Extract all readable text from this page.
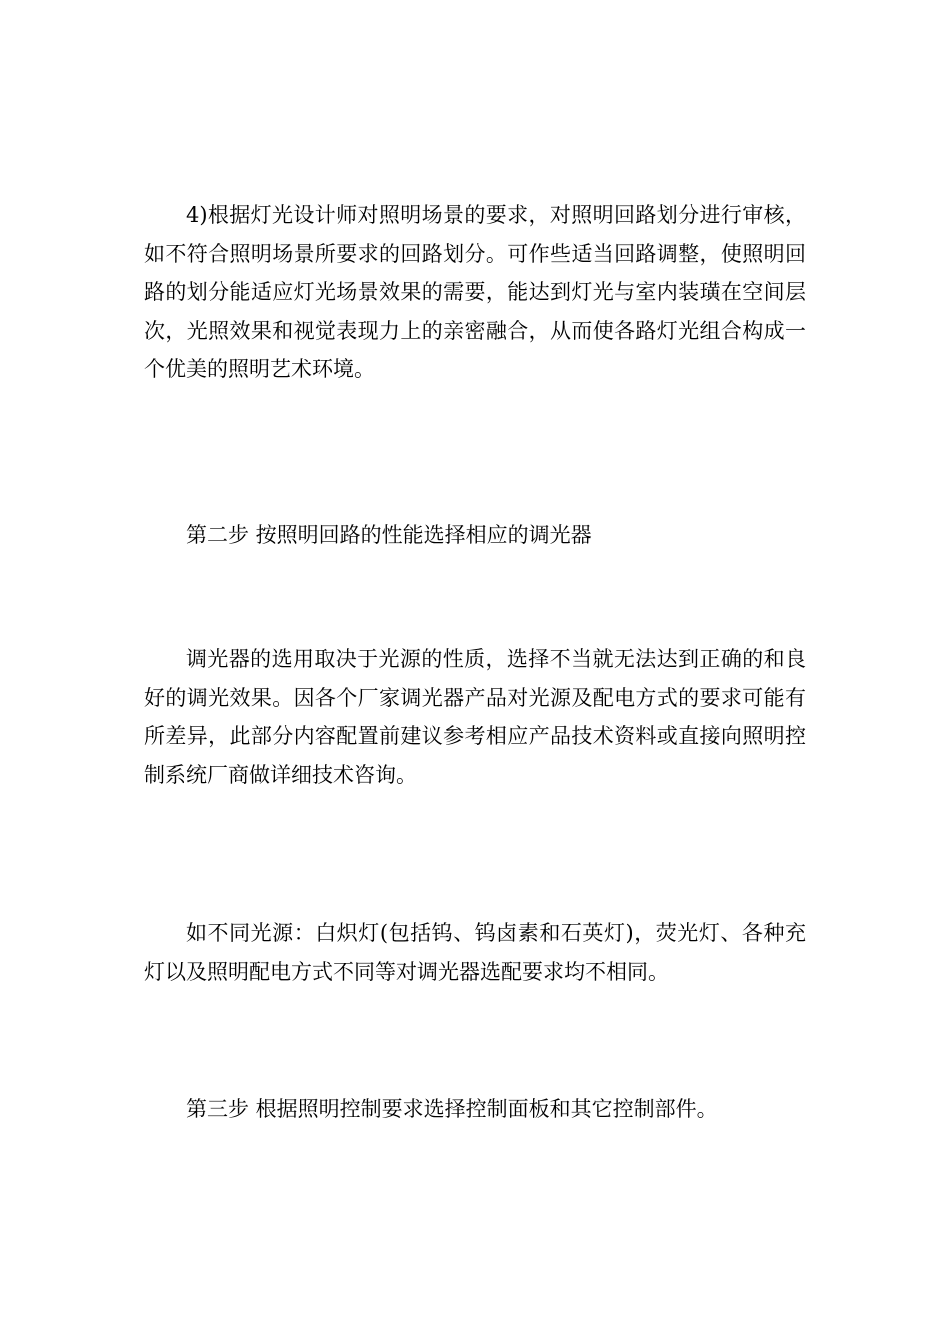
4)根据灯光设计师对照明场景的要求，对照明回路划分进行审核，如不符合照明场景所要求的回路划分。可作些适当回路调整，使照明回路的划分能适应灯光场景效果的需要，能达到灯光与室内装璜在空间层次，光照效果和视觉表现力上的亲密融合，从而使各路灯光组合构成一个优美的照明艺术环境。

第二步 按照明回路的性能选择相应的调光器

调光器的选用取决于光源的性质，选择不当就无法达到正确的和良好的调光效果。因各个厂家调光器产品对光源及配电方式的要求可能有所差异，此部分内容配置前建议参考相应产品技术资料或直接向照明控制系统厂商做详细技术咨询。

如不同光源：白炽灯(包括钨、钨卤素和石英灯)，荧光灯、各种充灯以及照明配电方式不同等对调光器选配要求均不相同。

第三步 根据照明控制要求选择控制面板和其它控制部件。
